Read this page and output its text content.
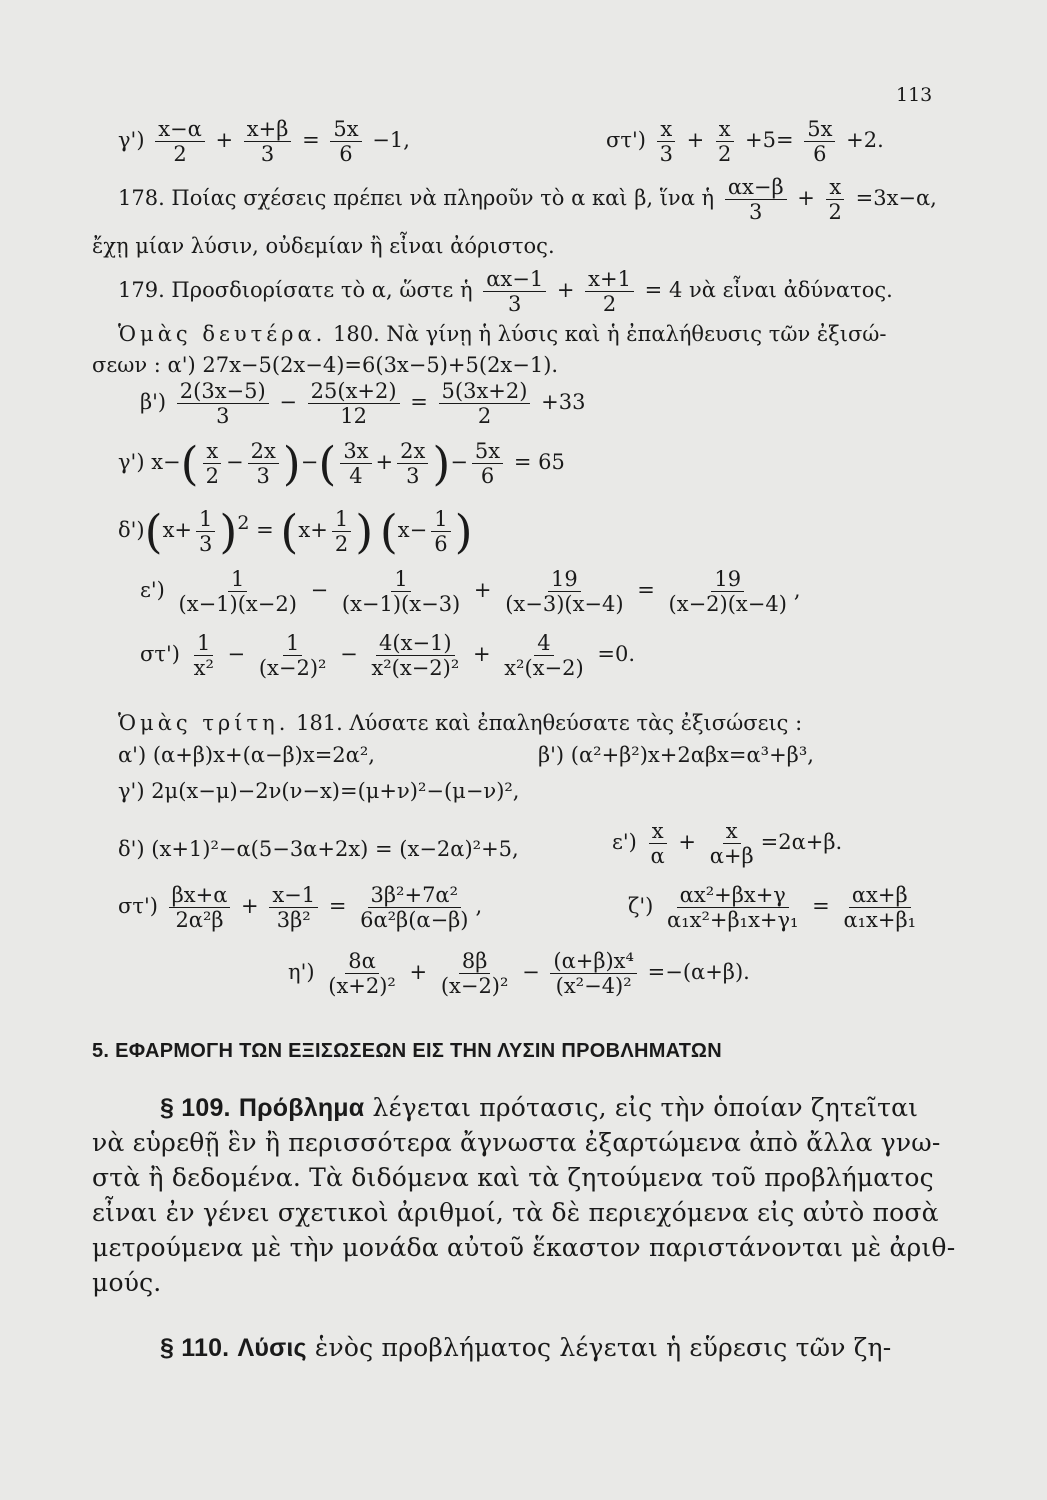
113
$\gamma') \frac{x-\alpha}{2} + \frac{x+\beta}{3} = \frac{5x}{6} -1$,	$\sigma\tau') \frac{x}{3} + \frac{x}{2} +5= \frac{5x}{6} +2$.
178. Ποίας σχέσεις πρέπει νὰ πληροῦν τὸ α καὶ β, ἵνα ἡ $\frac{\alpha x-\beta}{3} + \frac{x}{2} =3x-\alpha$,
ἔχῃ μίαν λύσιν, οὐδεμίαν ἢ εἶναι ἀόριστος.
179. Προσδιορίσατε τὸ α, ὥστε ἡ $\frac{\alpha x-1}{3} + \frac{x+1}{2} = 4$ νὰ εἶναι ἀδύνατος.
Ὁμὰς δευτέρα. 180. Νὰ γίνῃ ἡ λύσις καὶ ἡ ἐπαλήθευσις τῶν ἐξισώ-
σεων : α') 27x−5(2x−4)=6(3x−5)+5(2x−1).
$\beta') \frac{2(3x-5)}{3} - \frac{25(x+2)}{12} = \frac{5(3x+2)}{2} +33$
γ') $x-( \frac{x}{2} - \frac{2x}{3}$ )−( $\frac{3x}{4} + \frac{2x}{3}$ )− $\frac{5x}{6} = 65$
$\delta')(x+ \frac{1}{3} )^2 = (x+ \frac{1}{2}$ ) ($x- \frac{1}{6}$ )
$\varepsilon') \frac{1}{(x-1)(x-2)} - \frac{1}{(x-1)(x-3)} + \frac{19}{(x-3)(x-4)} = \frac{19}{(x-2)(x-4)}$ ,
$\sigma\tau') \frac{1}{\text{x²}} - \frac{1}{\text{(x−2)²}} - \frac{4(x-1)}{\text{x²(x−2)²}} + \frac{4}{\text{x²(x−2)}} =0$.
Ὁμὰς τρίτη. 181. Λύσατε καὶ ἐπαληθεύσατε τὰς ἐξισώσεις :
α') (α+β)x+(α−β)x=2α²,	β') (α²+β²)x+2αβx=α³+β³,
γ') 2μ(x−μ)−2ν(ν−x)=(μ+ν)²−(μ−ν)²,
δ') (x+1)²−α(5−3α+2x) = (x−2α)²+5,	$\varepsilon') \frac{x}{\alpha} + \frac{x}{\alpha+\beta} =2\alpha+\beta$.
$\sigma\tau') \frac{\beta x+\alpha}{\text{2α²β}} + \frac{x-1}{\text{3β²}} = \frac{\text{3β²+7α²}}{\text{6α²β(α−β)}}$ ,	$\zeta') \frac{\text{αx²+βx+γ}}{\text{α₁x²+β₁x+γ₁}} = \frac{\alpha x+\beta}{\text{α₁x+β₁}}$
$\eta') \frac{8\alpha}{\text{(x+2)²}} + \frac{8\beta}{\text{(x−2)²}} - \frac{\text{(α+β)x⁴}}{\text{(x²−4)²}} =-(\alpha+\beta)$.
5. ΕΦΑΡΜΟΓΗ ΤΩΝ ΕΞΙΣΩΣΕΩΝ ΕΙΣ ΤΗΝ ΛΥΣΙΝ ΠΡΟΒΛΗΜΑΤΩΝ
§ 109. Πρόβλημα λέγεται πρότασις, εἰς τὴν ὁποίαν ζητεῖται
νὰ εὑρεθῇ ἓν ἢ περισσότερα ἄγνωστα ἐξαρτώμενα ἀπὸ ἄλλα γνω-
στὰ ἢ δεδομένα. Τὰ διδόμενα καὶ τὰ ζητούμενα τοῦ προβλήματος
εἶναι ἐν γένει σχετικοὶ ἀριθμοί, τὰ δὲ περιεχόμενα εἰς αὐτὸ ποσὰ
μετρούμενα μὲ τὴν μονάδα αὐτοῦ ἕκαστον παριστάνονται μὲ ἀριθ-
μούς.
§ 110. Λύσις ἑνὸς προβλήματος λέγεται ἡ εὕρεσις τῶν ζη-
